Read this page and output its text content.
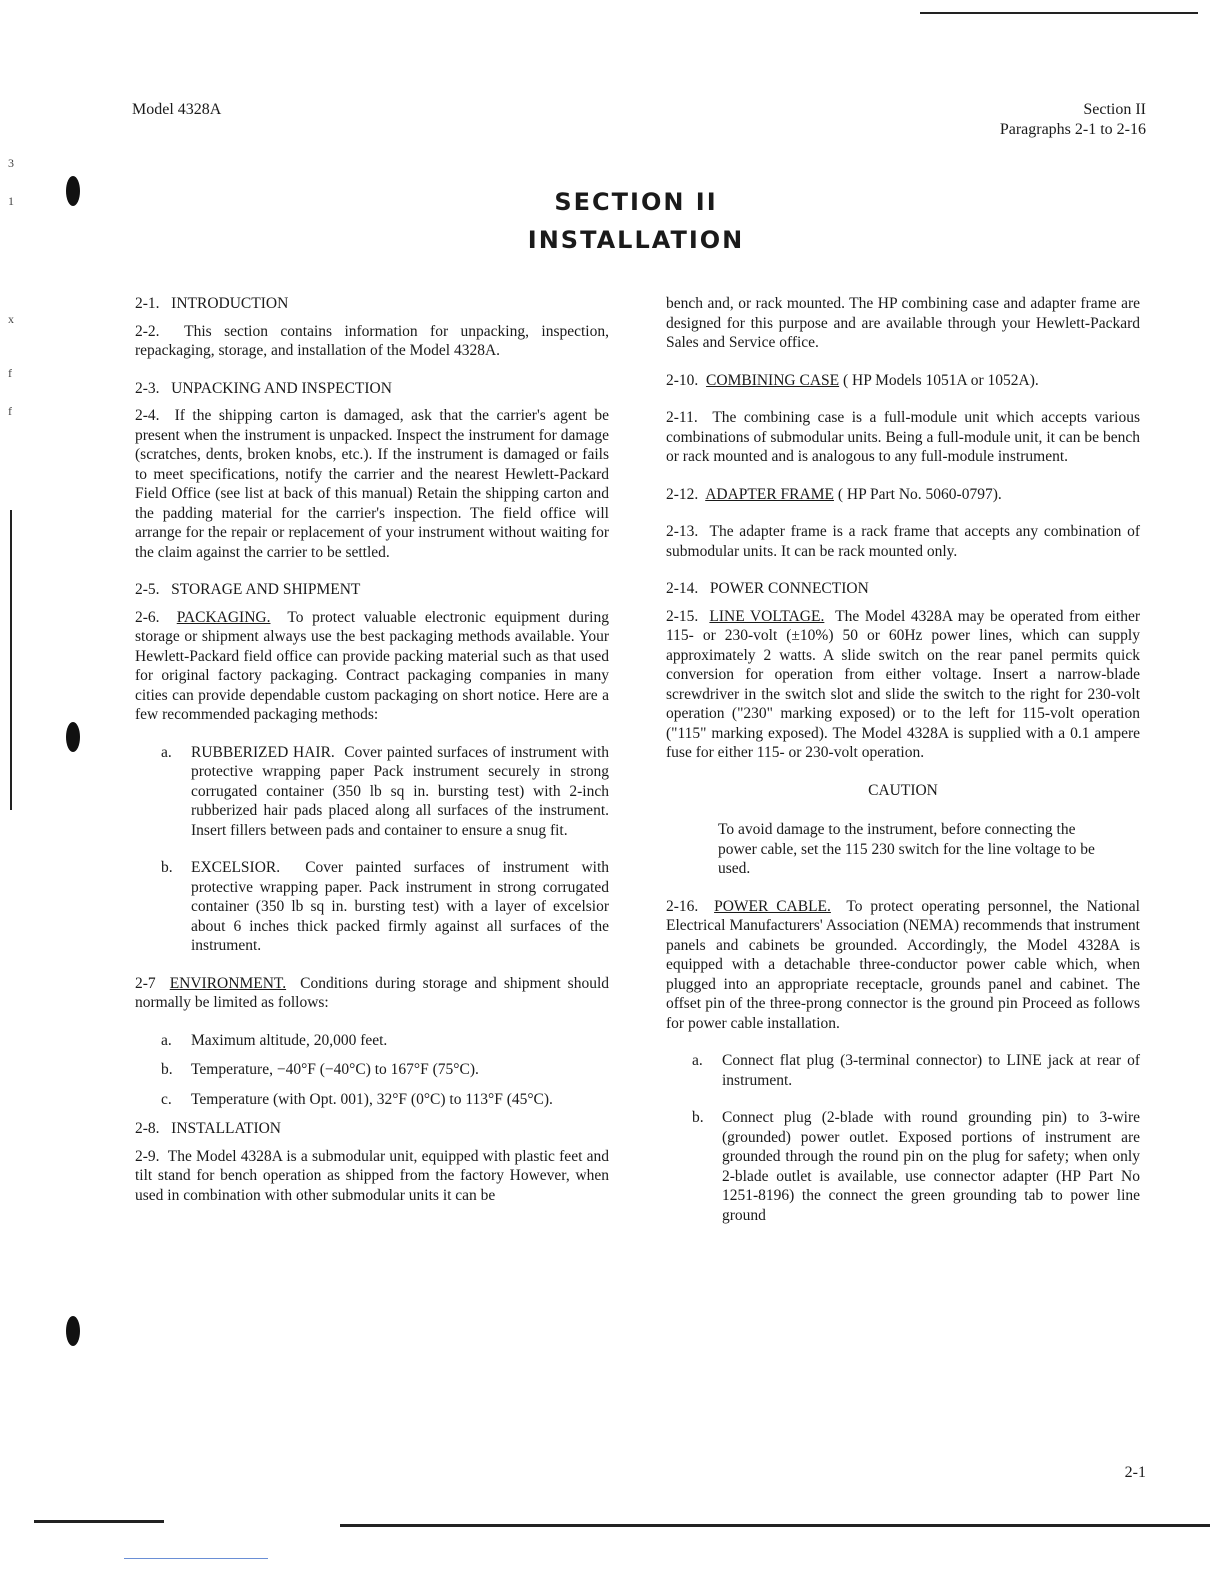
3
1
x
f
f
Model 4328A	Section II
Paragraphs 2-1 to 2-16
SECTION II
INSTALLATION

2-1. INTRODUCTION

2-2. This section contains information for unpacking, inspection, repackaging, storage, and installation of the Model 4328A.

2-3. UNPACKING AND INSPECTION

2-4. If the shipping carton is damaged, ask that the carrier's agent be present when the instrument is unpacked. Inspect the instrument for damage (scratches, dents, broken knobs, etc.). If the instrument is damaged or fails to meet specifications, notify the carrier and the nearest Hewlett-Packard Field Office (see list at back of this manual) Retain the shipping carton and the padding material for the carrier's inspection. The field office will arrange for the repair or replacement of your instrument without waiting for the claim against the carrier to be settled.

2-5. STORAGE AND SHIPMENT

2-6. PACKAGING. To protect valuable electronic equipment during storage or shipment always use the best packaging methods available. Your Hewlett-Packard field office can provide packing material such as that used for original factory packaging. Contract packaging companies in many cities can provide dependable custom packaging on short notice. Here are a few recommended packaging methods:

a.	RUBBERIZED HAIR. Cover painted surfaces of instrument with protective wrapping paper Pack instrument securely in strong corrugated container (350 lb sq in. bursting test) with 2-inch rubberized hair pads placed along all surfaces of the instrument. Insert fillers between pads and container to ensure a snug fit.
b.	EXCELSIOR. Cover painted surfaces of instrument with protective wrapping paper. Pack instrument in strong corrugated container (350 lb sq in. bursting test) with a layer of excelsior about 6 inches thick packed firmly against all surfaces of the instrument.

2-7 ENVIRONMENT. Conditions during storage and shipment should normally be limited as follows:

a.	Maximum altitude, 20,000 feet.
b.	Temperature, −40°F (−40°C) to 167°F (75°C).
c.	Temperature (with Opt. 001), 32°F (0°C) to 113°F (45°C).

2-8. INSTALLATION

2-9. The Model 4328A is a submodular unit, equipped with plastic feet and tilt stand for bench operation as shipped from the factory However, when used in combination with other submodular units it can be

bench and, or rack mounted. The HP combining case and adapter frame are designed for this purpose and are available through your Hewlett-Packard Sales and Service office.

2-10. COMBINING CASE ( HP Models 1051A or 1052A).

2-11. The combining case is a full-module unit which accepts various combinations of submodular units. Being a full-module unit, it can be bench or rack mounted and is analogous to any full-module instrument.

2-12. ADAPTER FRAME ( HP Part No. 5060-0797).

2-13. The adapter frame is a rack frame that accepts any combination of submodular units. It can be rack mounted only.

2-14. POWER CONNECTION

2-15. LINE VOLTAGE. The Model 4328A may be operated from either 115- or 230-volt (±10%) 50 or 60Hz power lines, which can supply approximately 2 watts. A slide switch on the rear panel permits quick conversion for operation from either voltage. Insert a narrow-blade screwdriver in the switch slot and slide the switch to the right for 230-volt operation ("230" marking exposed) or to the left for 115-volt operation ("115" marking exposed). The Model 4328A is supplied with a 0.1 ampere fuse for either 115- or 230-volt operation.

CAUTION
To avoid damage to the instrument, before connecting the power cable, set the 115 230 switch for the line voltage to be used.

2-16. POWER CABLE. To protect operating personnel, the National Electrical Manufacturers' Association (NEMA) recommends that instrument panels and cabinets be grounded. Accordingly, the Model 4328A is equipped with a detachable three-conductor power cable which, when plugged into an appropriate receptacle, grounds panel and cabinet. The offset pin of the three-prong connector is the ground pin Proceed as follows for power cable installation.

a.	Connect flat plug (3-terminal connector) to LINE jack at rear of instrument.
b.	Connect plug (2-blade with round grounding pin) to 3-wire (grounded) power outlet. Exposed portions of instrument are grounded through the round pin on the plug for safety; when only 2-blade outlet is available, use connector adapter (HP Part No 1251-8196) the connect the green grounding tab to power line ground
2-1
